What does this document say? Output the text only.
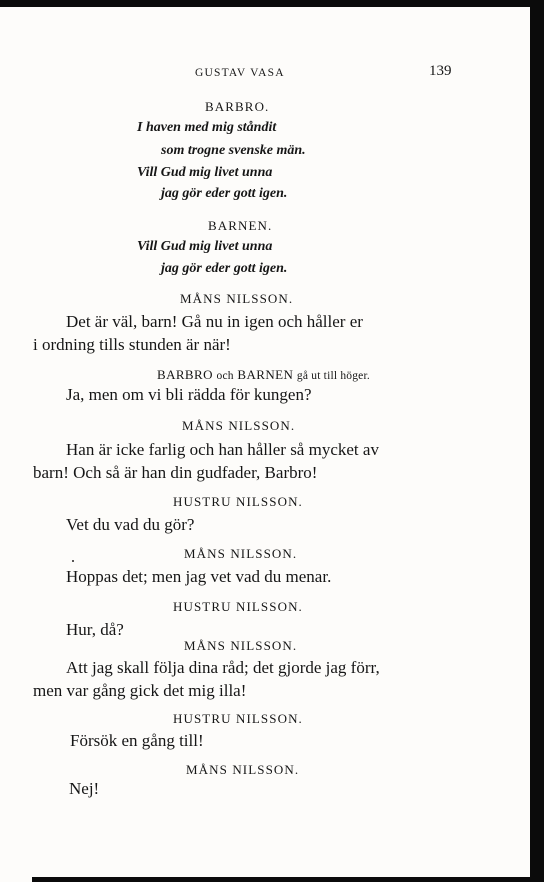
GUSTAV VASA	139
BARBRO.
I haven med mig ståndit
som trogne svenske män.
Vill Gud mig livet unna
jag gör eder gott igen.
BARNEN.
Vill Gud mig livet unna
jag gör eder gott igen.
MÅNS NILSSON.
Det är väl, barn! Gå nu in igen och håller er
i ordning tills stunden är när!
BARBRO och BARNEN gå ut till höger.
Ja, men om vi bli rädda för kungen?
MÅNS NILSSON.
Han är icke farlig och han håller så mycket av
barn! Och så är han din gudfader, Barbro!
HUSTRU NILSSON.
Vet du vad du gör?
MÅNS NILSSON.
Hoppas det; men jag vet vad du menar.
HUSTRU NILSSON.
Hur, då?
MÅNS NILSSON.
Att jag skall följa dina råd; det gjorde jag förr,
men var gång gick det mig illa!
HUSTRU NILSSON.
Försök en gång till!
MÅNS NILSSON.
Nej!
